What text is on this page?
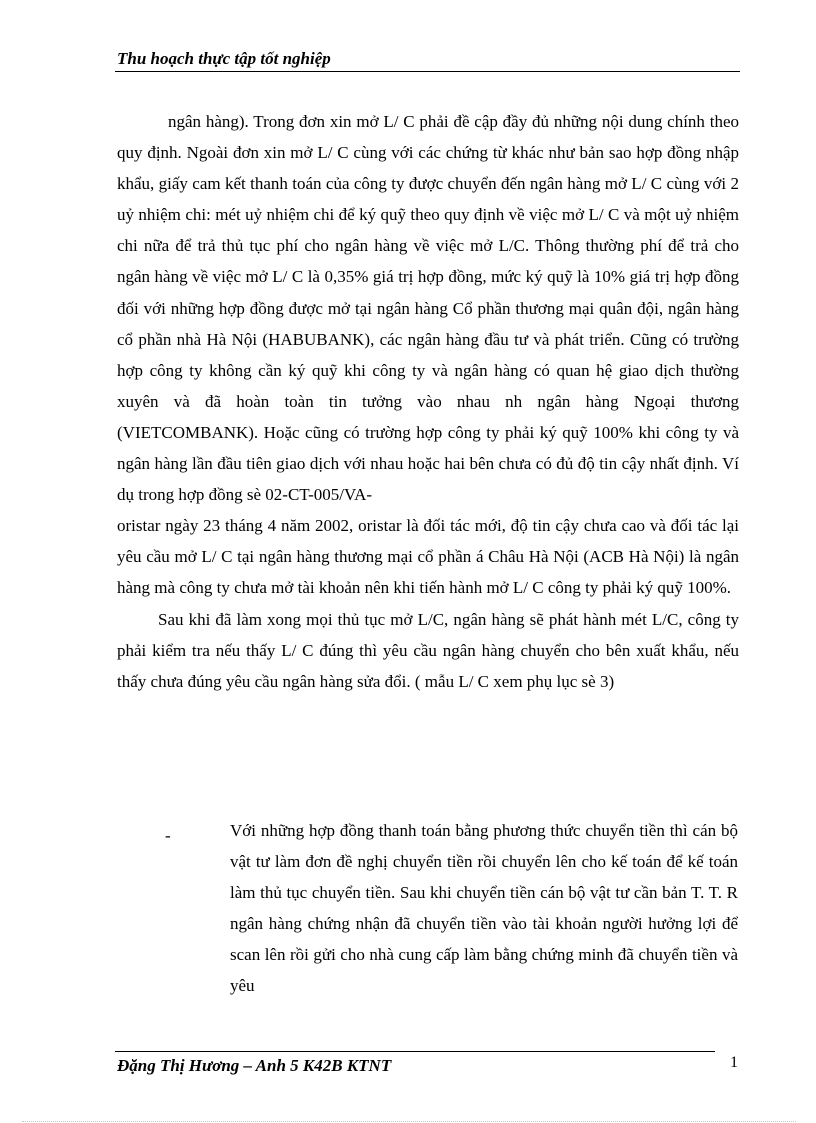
Thu hoạch thực tập tốt nghiệp

ngân hàng). Trong đơn xin mở L/ C phải đề cập đầy đủ những nội dung chính theo quy định. Ngoài đơn xin mở L/ C cùng với các chứng từ khác như bản sao hợp đồng nhập khẩu, giấy cam kết thanh toán của công ty được chuyển đến ngân hàng mở L/ C cùng với 2 uỷ nhiệm chi: mét uỷ nhiệm chi để ký quỹ theo quy định về việc mở L/ C và một uỷ nhiệm chi nữa để trả thủ tục phí cho ngân hàng về việc mở L/C. Thông thường phí để trả cho ngân hàng về việc mở L/ C là 0,35% giá trị hợp đồng, mức ký quỹ là 10% giá trị hợp đồng đối với những hợp đồng được mở tại ngân hàng Cổ phần thương mại quân đội, ngân hàng cổ phần nhà Hà Nội (HABUBANK), các ngân hàng đầu tư và phát triển. Cũng có trường hợp công ty không cần ký quỹ khi công ty và ngân hàng có quan hệ giao dịch thường xuyên và đã hoàn toàn tin tưởng vào nhau nh ngân hàng Ngoại thương (VIETCOMBANK). Hoặc cũng có trường hợp công ty phải ký quỹ 100% khi công ty và ngân hàng lần đầu tiên giao dịch với nhau hoặc hai bên chưa có đủ độ tin cậy nhất định. Ví dụ trong hợp đồng sè 02-CT-005/VA-

oristar ngày 23 tháng 4 năm 2002, oristar là đối tác mới, độ tin cậy chưa cao và đối tác lại yêu cầu mở L/ C tại ngân hàng thương mại cổ phần á Châu Hà Nội (ACB Hà Nội) là ngân hàng mà công ty chưa mở tài khoản nên khi tiến hành mở L/ C công ty phải ký quỹ 100%.

Sau khi đã làm xong mọi thủ tục mở L/C, ngân hàng sẽ phát hành mét L/C, công ty phải kiểm tra nếu thấy L/ C đúng thì yêu cầu ngân hàng chuyển cho bên xuất khẩu, nếu thấy chưa đúng yêu cầu ngân hàng sửa đổi. ( mẫu L/ C xem phụ lục sè 3)

-	Với những hợp đồng thanh toán bằng phương thức chuyển tiền thì cán bộ vật tư làm đơn đề nghị chuyển tiền rồi chuyển lên cho kế toán để kế toán làm thủ tục chuyển tiền. Sau khi chuyển tiền cán bộ vật tư cần bản T. T. R ngân hàng chứng nhận đã chuyển tiền vào tài khoản người hưởng lợi để scan lên rồi gửi cho nhà cung cấp làm bằng chứng minh đã chuyển tiền và yêu
Đặng Thị Hương – Anh 5 K42B KTNT	1
